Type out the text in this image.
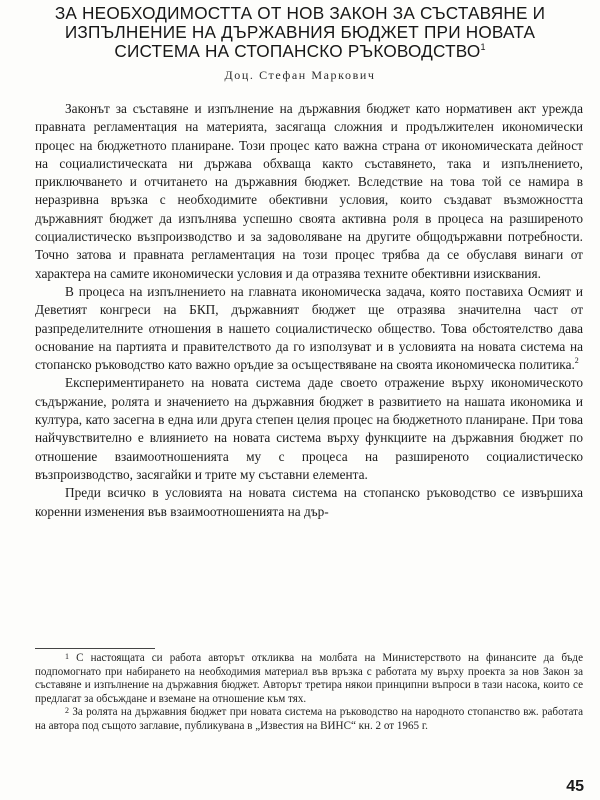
ЗА НЕОБХОДИМОСТТА ОТ НОВ ЗАКОН ЗА СЪСТАВЯНЕ И
ИЗПЪЛНЕНИЕ НА ДЪРЖАВНИЯ БЮДЖЕТ ПРИ НОВАТА
СИСТЕМА НА СТОПАНСКО РЪКОВОДСТВО$^1$
Доц. Стефан Маркович

Законът за съставяне и изпълнение на държавния бюджет като нормативен акт урежда правната регламентация на материята, засягаща сложния и продължителен икономически процес на бюджетното планиране. Този процес като важна страна от икономическата дейност на социалистическата ни държава обхваща както съставянето, така и изпълнението, приключването и отчитането на държавния бюджет. Вследствие на това той се намира в неразривна връзка с необходимите обективни условия, които създават възможността държавният бюджет да изпълнява успешно своята активна роля в процеса на разширеното социалистическо възпроизводство и за задоволяване на другите общодържавни потребности. Точно затова и правната регламентация на този процес трябва да се обуславя винаги от характера на самите икономически условия и да отразява техните обективни изисквания.

В процеса на изпълнението на главната икономическа задача, която поставиха Осмият и Деветият конгреси на БКП, държавният бюджет ще отразява значителна част от разпределителните отношения в нашето социалистическо общество. Това обстоятелство дава основание на партията и правителството да го използуват и в условията на новата система на стопанско ръководство като важно оръдие за осъществяване на своята икономическа политика.$^2$

Експериментирането на новата система даде своето отражение върху икономическото съдържание, ролята и значението на държавния бюджет в развитието на нашата икономика и култура, като засегна в една или друга степен целия процес на бюджетното планиране. При това найчувствително е влиянието на новата система върху функциите на държавния бюджет по отношение взаимоотношенията му с процеса на разширеното социалистическо възпроизводство, засягайки и трите му съставни елемента.

Преди всичко в условията на новата система на стопанско ръководство се извършиха коренни изменения във взаимоотношенията на дър-

$^1$ С настоящата си работа авторът откликва на молбата на Министерството на финансите да бъде подпомогнато при набирането на необходимия материал във връзка с работата му върху проекта за нов Закон за съставяне и изпълнение на държавния бюджет. Авторът третира някои принципни въпроси в тази насока, които се предлагат за обсъждане и вземане на отношение към тях.

$^2$ За ролята на държавния бюджет при новата система на ръководство на народното стопанство вж. работата на автора под същото заглавие, публикувана в „Известия на ВИНС“ кн. 2 от 1965 г.

45
